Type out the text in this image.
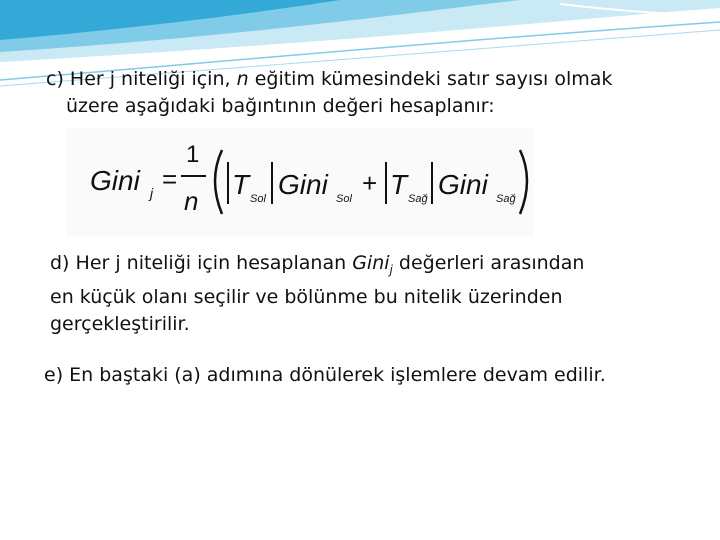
c) Her j niteliği için, n eğitim kümesindeki satır sayısı olmak
üzere aşağıdaki bağıntının değeri hesaplanır:
Gini j =
1
n
T Sol Gini Sol
+ T Sağ Gini Sağ
d) Her j niteliği için hesaplanan Gini$_j$ değerleri arasından
en küçük olanı seçilir ve bölünme bu nitelik üzerinden
gerçekleştirilir.
e) En baştaki (a) adımına dönülerek işlemlere devam edilir.
